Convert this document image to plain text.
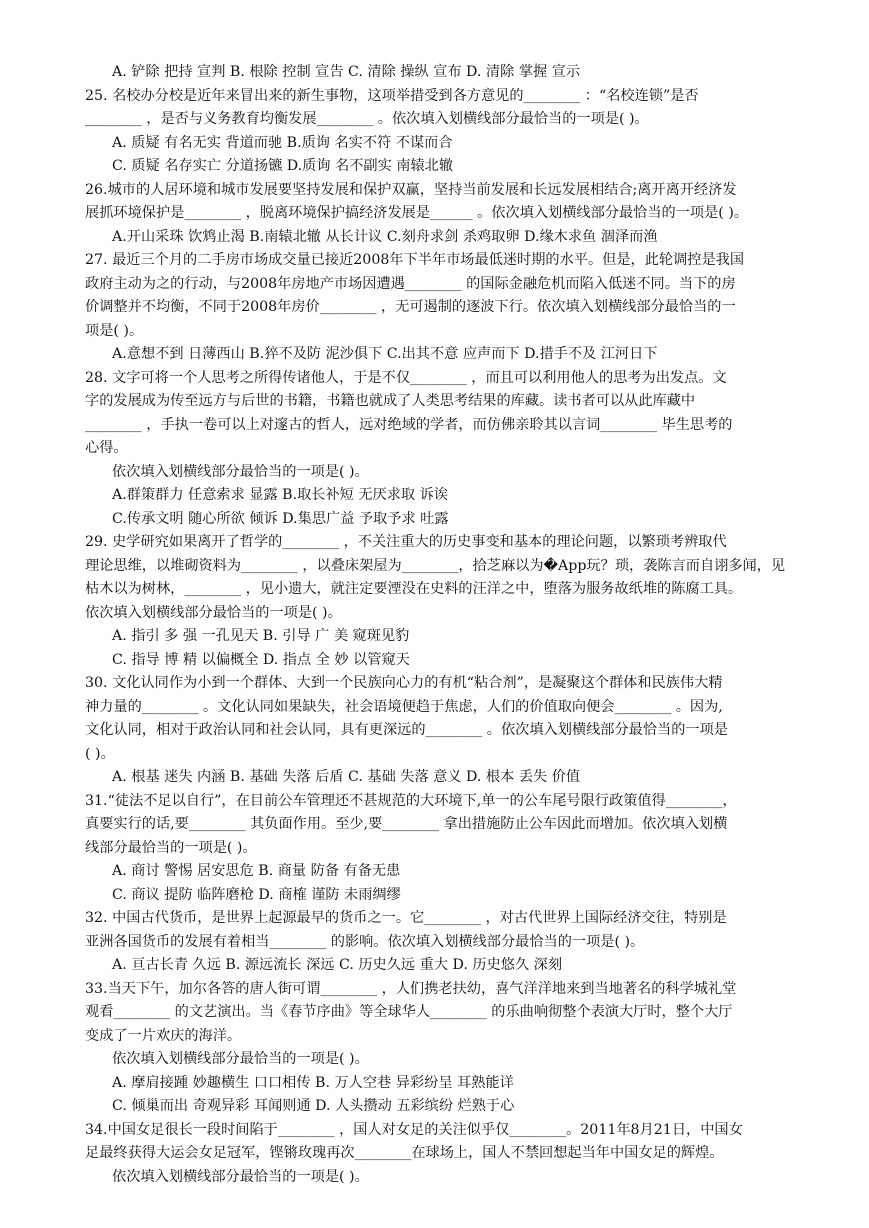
A. 铲除 把持 宣判 B. 根除 控制 宣告 C. 清除 操纵 宣布 D. 清除 掌握 宣示
25. 名校办分校是近年来冒出来的新生事物，这项举措受到各方意见的________ ：“名校连锁”是否
________ ，是否与义务教育均衡发展________ 。依次填入划横线部分最恰当的一项是( )。
A. 质疑 有名无实 背道而驰 B.质询 名实不符 不谋而合
C. 质疑 名存实亡 分道扬镳 D.质询 名不副实 南辕北辙
26.城市的人居环境和城市发展要坚持发展和保护双赢，坚持当前发展和长远发展相结合;离开离开经济发
展抓环境保护是________ ，脱离环境保护搞经济发展是______ 。依次填入划横线部分最恰当的一项是( )。
A.开山采珠 饮鸩止渴 B.南辕北辙 从长计议 C.刻舟求剑 杀鸡取卵 D.缘木求鱼 涸泽而渔
27. 最近三个月的二手房市场成交量已接近2008年下半年市场最低迷时期的水平。但是，此轮调控是我国
政府主动为之的行动，与2008年房地产市场因遭遇________ 的国际金融危机而陷入低迷不同。当下的房
价调整并不均衡，不同于2008年房价________ ，无可遏制的逐波下行。依次填入划横线部分最恰当的一
项是( )。
A.意想不到 日薄西山 B.猝不及防 泥沙俱下 C.出其不意 应声而下 D.措手不及 江河日下
28. 文字可将一个人思考之所得传诸他人，于是不仅________ ，而且可以利用他人的思考为出发点。文
字的发展成为传至远方与后世的书籍，书籍也就成了人类思考结果的库藏。读书者可以从此库藏中
________ ，手执一卷可以上对邃古的哲人，远对绝域的学者，而仿佛亲聆其以言词________ 毕生思考的
心得。
依次填入划横线部分最恰当的一项是( )。
A.群策群力 任意索求 显露 B.取长补短 无厌求取 诉诶
C.传承文明 随心所欲 倾诉 D.集思广益 予取予求 吐露
29. 史学研究如果离开了哲学的________ ，不关注重大的历史事变和基本的理论问题，以繁琐考辨取代
理论思维，以堆砌资料为________ ，以叠床架屋为________，拾芝麻以为�App玩？琐，袭陈言而自诩多闻，见
枯木以为树林，________ ，见小遗大，就注定要湮没在史料的汪洋之中，堕落为服务故纸堆的陈腐工具。
依次填入划横线部分最恰当的一项是( )。
A. 指引 多 强 一孔见天 B. 引导 广 美 窥斑见豹
C. 指导 博 精 以偏概全 D. 指点 全 妙 以管窥天
30. 文化认同作为小到一个群体、大到一个民族向心力的有机“粘合剂”，是凝聚这个群体和民族伟大精
神力量的________ 。文化认同如果缺失，社会语境便趋于焦虑，人们的价值取向便会________ 。因为,
文化认同，相对于政治认同和社会认同，具有更深远的________ 。依次填入划横线部分最恰当的一项是
( )。
A. 根基 迷失 内涵 B. 基础 失落 后盾 C. 基础 失落 意义 D. 根本 丢失 价值
31.“徒法不足以自行”，在目前公车管理还不甚规范的大环境下,单一的公车尾号限行政策值得________，
真要实行的话,要________ 其负面作用。至少,要________ 拿出措施防止公车因此而增加。依次填入划横
线部分最恰当的一项是( )。
A. 商讨 警惕 居安思危 B. 商量 防备 有备无患
C. 商议 提防 临阵磨枪 D. 商榷 谨防 未雨绸缪
32. 中国古代货币，是世界上起源最早的货币之一。它________ ，对古代世界上国际经济交往，特别是
亚洲各国货币的发展有着相当________ 的影响。依次填入划横线部分最恰当的一项是( )。
A. 亘古长青 久远 B. 源远流长 深远 C. 历史久远 重大 D. 历史悠久 深刻
33.当天下午，加尔各答的唐人街可谓________ ，人们携老扶幼，喜气洋洋地来到当地著名的科学城礼堂
观看________ 的文艺演出。当《春节序曲》等全球华人________ 的乐曲响彻整个表演大厅时，整个大厅
变成了一片欢庆的海洋。
依次填入划横线部分最恰当的一项是( )。
A. 摩肩接踵 妙趣横生 口口相传 B. 万人空巷 异彩纷呈 耳熟能详
C. 倾巢而出 奇观异彩 耳闻则通 D. 人头攒动 五彩缤纷 烂熟于心
34.中国女足很长一段时间陷于________ ，国人对女足的关注似乎仅________。2011年8月21日，中国女
足最终获得大运会女足冠军，铿锵玫瑰再次________在球场上，国人不禁回想起当年中国女足的辉煌。
依次填入划横线部分最恰当的一项是( )。
